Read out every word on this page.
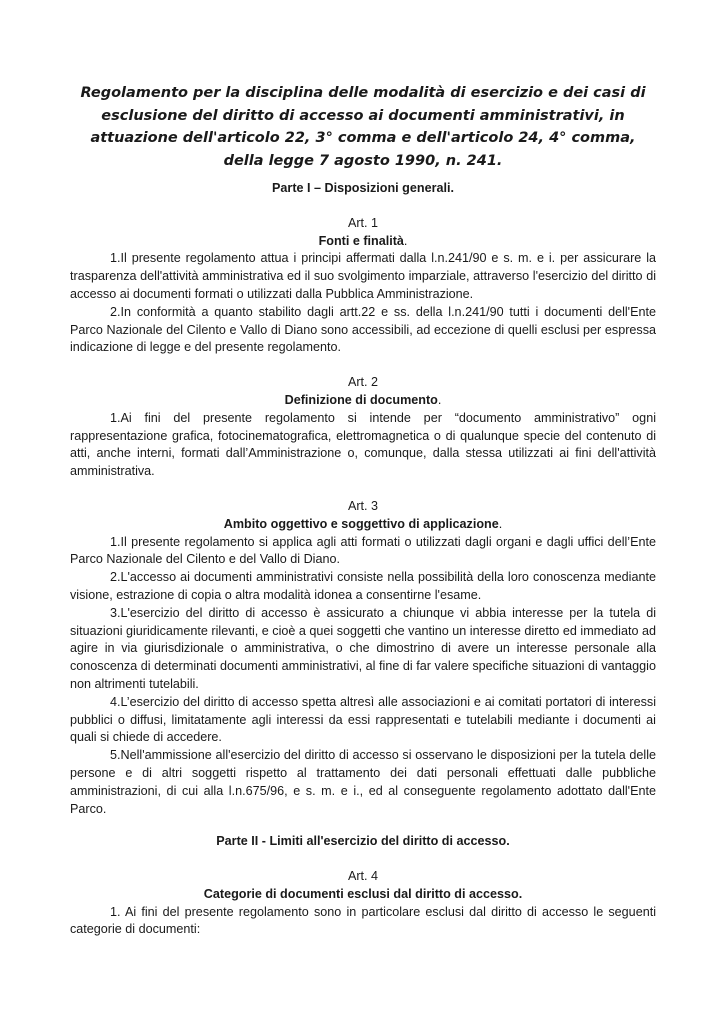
Regolamento per la disciplina delle modalità di esercizio e dei casi di esclusione del diritto di accesso ai documenti amministrativi, in attuazione dell'articolo 22, 3° comma e dell'articolo 24, 4° comma, della legge 7 agosto 1990, n. 241.
Parte I – Disposizioni generali.
Art. 1
Fonti e finalità.

1.Il presente regolamento attua i principi affermati dalla l.n.241/90 e s. m. e i. per assicurare la trasparenza dell'attività amministrativa ed il suo svolgimento imparziale, attraverso l'esercizio del diritto di accesso ai documenti formati o utilizzati dalla Pubblica Amministrazione.

2.In conformità a quanto stabilito dagli artt.22 e ss. della l.n.241/90 tutti i documenti dell'Ente Parco Nazionale del Cilento e Vallo di Diano sono accessibili, ad eccezione di quelli esclusi per espressa indicazione di legge e del presente regolamento.

Art. 2
Definizione di documento.

1.Ai fini del presente regolamento si intende per “documento amministrativo” ogni rappresentazione grafica, fotocinematografica, elettromagnetica o di qualunque specie del contenuto di atti, anche interni, formati dall’Amministrazione o, comunque, dalla stessa utilizzati ai fini dell'attività amministrativa.

Art. 3
Ambito oggettivo e soggettivo di applicazione.

1.Il presente regolamento si applica agli atti formati o utilizzati dagli organi e dagli uffici dell’Ente Parco Nazionale del Cilento e del Vallo di Diano.

2.L'accesso ai documenti amministrativi consiste nella possibilità della loro conoscenza mediante visione, estrazione di copia o altra modalità idonea a consentirne l'esame.

3.L'esercizio del diritto di accesso è assicurato a chiunque vi abbia interesse per la tutela di situazioni giuridicamente rilevanti, e cioè a quei soggetti che vantino un interesse diretto ed immediato ad agire in via giurisdizionale o amministrativa, o che dimostrino di avere un interesse personale alla conoscenza di determinati documenti amministrativi, al fine di far valere specifiche situazioni di vantaggio non altrimenti tutelabili.

4.L’esercizio del diritto di accesso spetta altresì alle associazioni e ai comitati portatori di interessi pubblici o diffusi, limitatamente agli interessi da essi rappresentati e tutelabili mediante i documenti ai quali si chiede di accedere.

5.Nell'ammissione all'esercizio del diritto di accesso si osservano le disposizioni per la tutela delle persone e di altri soggetti rispetto al trattamento dei dati personali effettuati dalle pubbliche amministrazioni, di cui alla l.n.675/96, e s. m. e i., ed al conseguente regolamento adottato dall'Ente Parco.

Parte II - Limiti all'esercizio del diritto di accesso.
Art. 4
Categorie di documenti esclusi dal diritto di accesso.

1. Ai fini del presente regolamento sono in particolare esclusi dal diritto di accesso le seguenti categorie di documenti:
